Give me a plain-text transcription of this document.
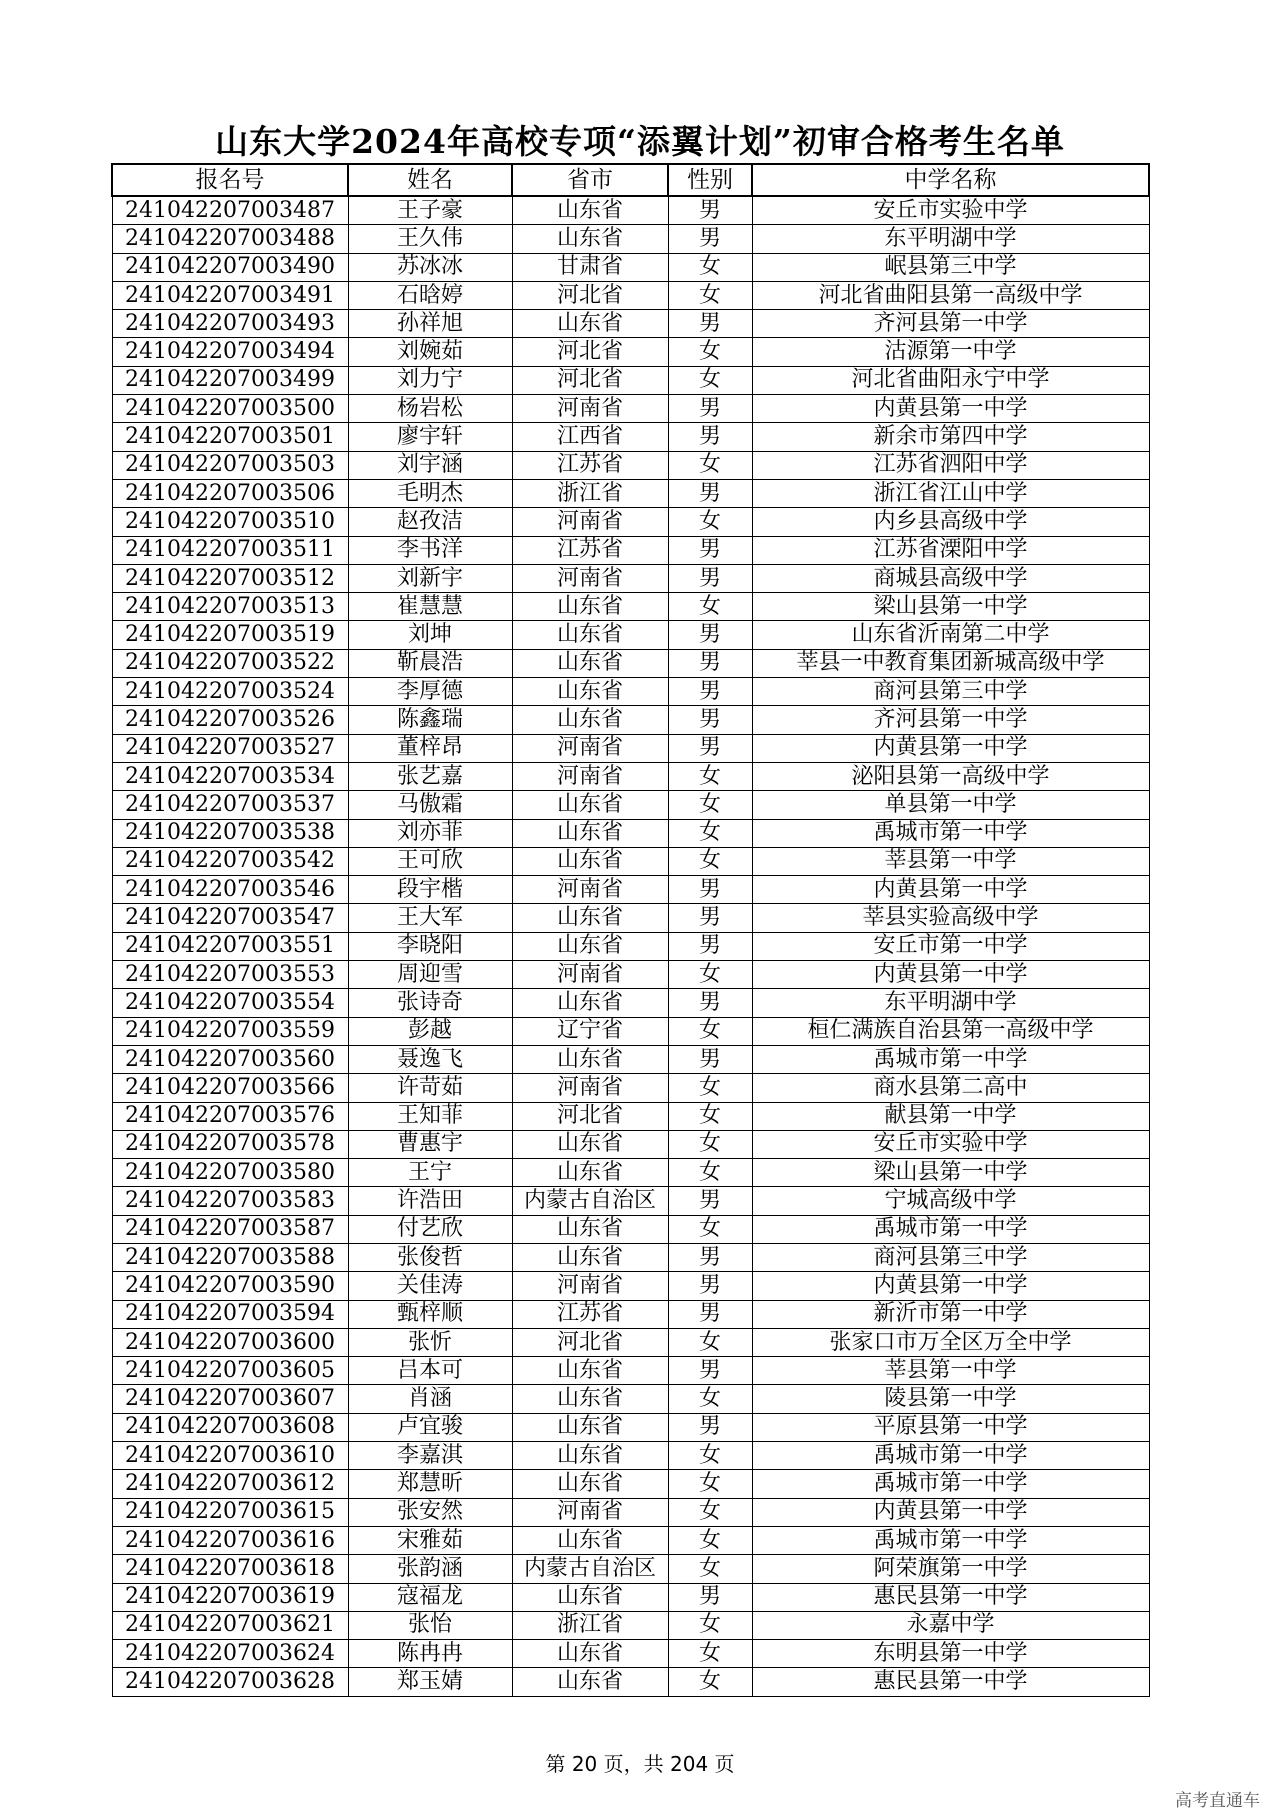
山东大学2024年高校专项“添翼计划”初审合格考生名单
报名号	姓名	省市	性别	中学名称
241042207003487	王子豪	山东省	男	安丘市实验中学
241042207003488	王久伟	山东省	男	东平明湖中学
241042207003490	苏冰冰	甘肃省	女	岷县第三中学
241042207003491	石晗婷	河北省	女	河北省曲阳县第一高级中学
241042207003493	孙祥旭	山东省	男	齐河县第一中学
241042207003494	刘婉茹	河北省	女	沽源第一中学
241042207003499	刘力宁	河北省	女	河北省曲阳永宁中学
241042207003500	杨岩松	河南省	男	内黄县第一中学
241042207003501	廖宇轩	江西省	男	新余市第四中学
241042207003503	刘宇涵	江苏省	女	江苏省泗阳中学
241042207003506	毛明杰	浙江省	男	浙江省江山中学
241042207003510	赵孜洁	河南省	女	内乡县高级中学
241042207003511	李书洋	江苏省	男	江苏省溧阳中学
241042207003512	刘新宇	河南省	男	商城县高级中学
241042207003513	崔慧慧	山东省	女	梁山县第一中学
241042207003519	刘坤	山东省	男	山东省沂南第二中学
241042207003522	靳晨浩	山东省	男	莘县一中教育集团新城高级中学
241042207003524	李厚德	山东省	男	商河县第三中学
241042207003526	陈鑫瑞	山东省	男	齐河县第一中学
241042207003527	董梓昂	河南省	男	内黄县第一中学
241042207003534	张艺嘉	河南省	女	泌阳县第一高级中学
241042207003537	马傲霜	山东省	女	单县第一中学
241042207003538	刘亦菲	山东省	女	禹城市第一中学
241042207003542	王可欣	山东省	女	莘县第一中学
241042207003546	段宇楷	河南省	男	内黄县第一中学
241042207003547	王大军	山东省	男	莘县实验高级中学
241042207003551	李晓阳	山东省	男	安丘市第一中学
241042207003553	周迎雪	河南省	女	内黄县第一中学
241042207003554	张诗奇	山东省	男	东平明湖中学
241042207003559	彭越	辽宁省	女	桓仁满族自治县第一高级中学
241042207003560	聂逸飞	山东省	男	禹城市第一中学
241042207003566	许苛茹	河南省	女	商水县第二高中
241042207003576	王知菲	河北省	女	献县第一中学
241042207003578	曹惠宇	山东省	女	安丘市实验中学
241042207003580	王宁	山东省	女	梁山县第一中学
241042207003583	许浩田	内蒙古自治区	男	宁城高级中学
241042207003587	付艺欣	山东省	女	禹城市第一中学
241042207003588	张俊哲	山东省	男	商河县第三中学
241042207003590	关佳涛	河南省	男	内黄县第一中学
241042207003594	甄梓顺	江苏省	男	新沂市第一中学
241042207003600	张忻	河北省	女	张家口市万全区万全中学
241042207003605	吕本可	山东省	男	莘县第一中学
241042207003607	肖涵	山东省	女	陵县第一中学
241042207003608	卢宜骏	山东省	男	平原县第一中学
241042207003610	李嘉淇	山东省	女	禹城市第一中学
241042207003612	郑慧昕	山东省	女	禹城市第一中学
241042207003615	张安然	河南省	女	内黄县第一中学
241042207003616	宋雅茹	山东省	女	禹城市第一中学
241042207003618	张韵涵	内蒙古自治区	女	阿荣旗第一中学
241042207003619	寇福龙	山东省	男	惠民县第一中学
241042207003621	张怡	浙江省	女	永嘉中学
241042207003624	陈冉冉	山东省	女	东明县第一中学
241042207003628	郑玉婧	山东省	女	惠民县第一中学
第 20 页，共 204 页
高考直通车
